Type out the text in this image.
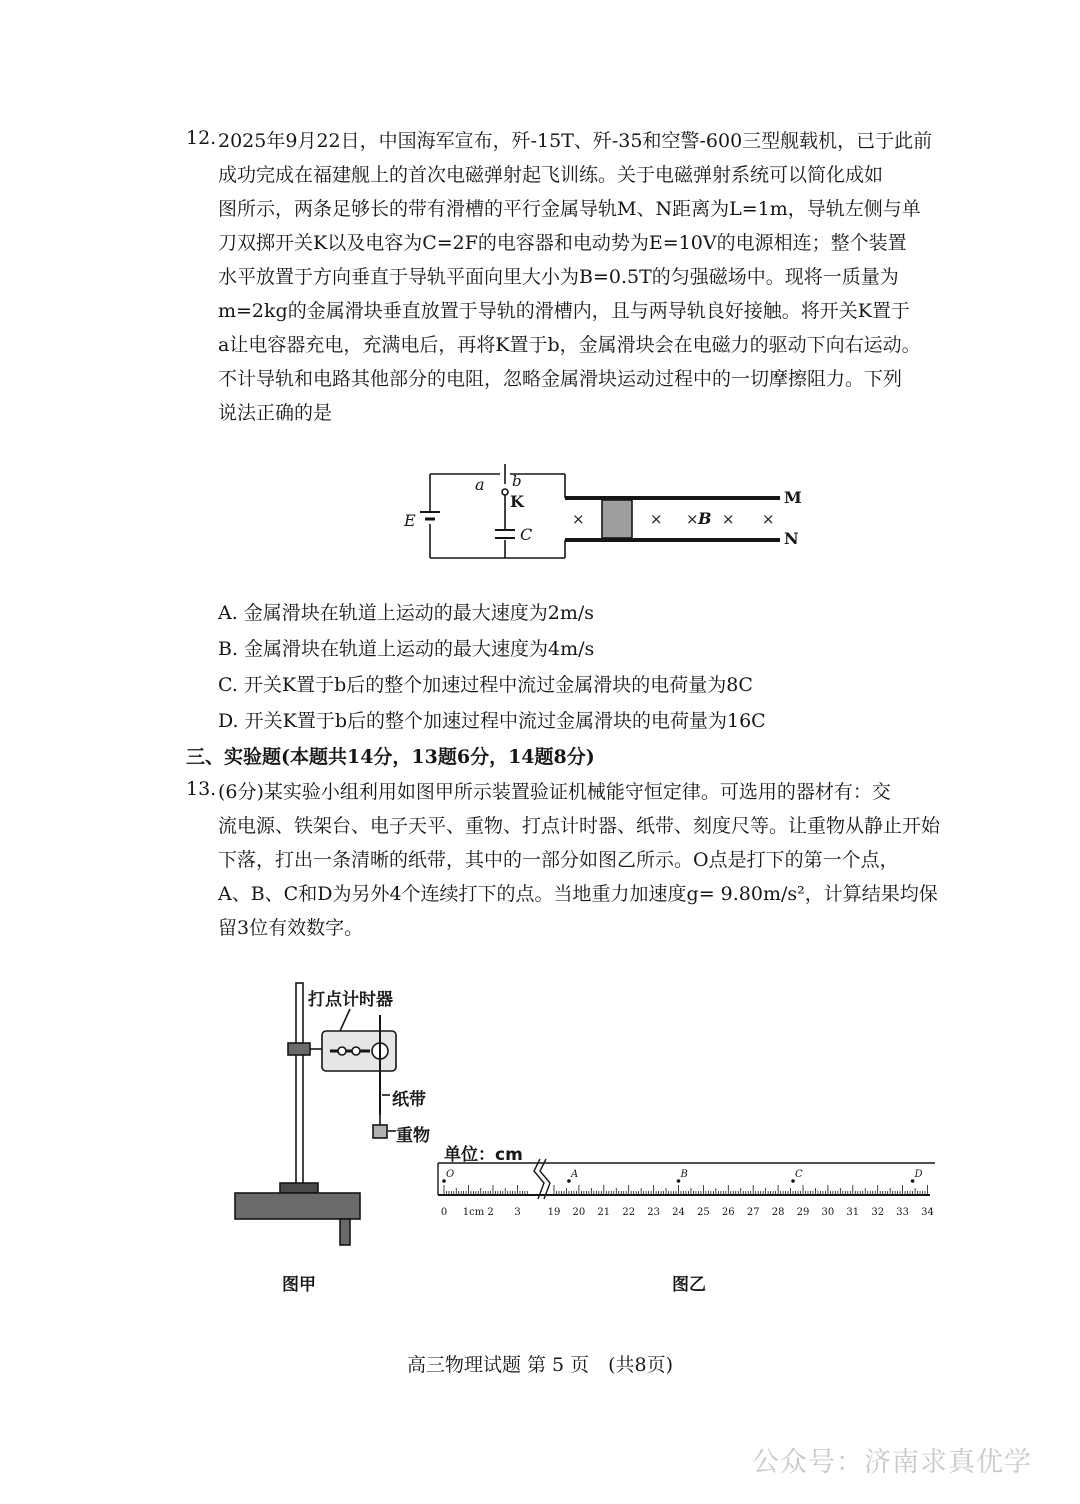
12. 2025年9月22日，中国海军宣布，歼-15T、歼-35和空警-600三型舰载机，已于此前
成功完成在福建舰上的首次电磁弹射起飞训练。关于电磁弹射系统可以简化成如
图所示，两条足够长的带有滑槽的平行金属导轨M、N距离为L=1m，导轨左侧与单
刀双掷开关K以及电容为C=2F的电容器和电动势为E=10V的电源相连；整个装置
水平放置于方向垂直于导轨平面向里大小为B=0.5T的匀强磁场中。现将一质量为
m=2kg的金属滑块垂直放置于导轨的滑槽内，且与两导轨良好接触。将开关K置于
a让电容器充电，充满电后，再将K置于b，金属滑块会在电磁力的驱动下向右运动。
不计导轨和电路其他部分的电阻，忽略金属滑块运动过程中的一切摩擦阻力。下列
说法正确的是
E
a b
K
C
M
N
×	× × B × ×
A. 金属滑块在轨道上运动的最大速度为2m/s
B. 金属滑块在轨道上运动的最大速度为4m/s
C. 开关K置于b后的整个加速过程中流过金属滑块的电荷量为8C
D. 开关K置于b后的整个加速过程中流过金属滑块的电荷量为16C
三、实验题(本题共14分，13题6分，14题8分)
13. (6分)某实验小组利用如图甲所示装置验证机械能守恒定律。可选用的器材有：交
流电源、铁架台、电子天平、重物、打点计时器、纸带、刻度尺等。让重物从静止开始
下落，打出一条清晰的纸带，其中的一部分如图乙所示。O点是打下的第一个点，
A、B、C和D为另外4个连续打下的点。当地重力加速度g= 9.80m/s²，计算结果均保
留3位有效数字。
打点计时器
纸带
重物
图甲
单位：cm
0 1cm 2 3	19 20 21 22 23 24 25 26 27 28 29 30 31 32 33 34
O	A	B	C	D
图乙
高三物理试题 第 5 页　(共8页)
公众号：济南求真优学
